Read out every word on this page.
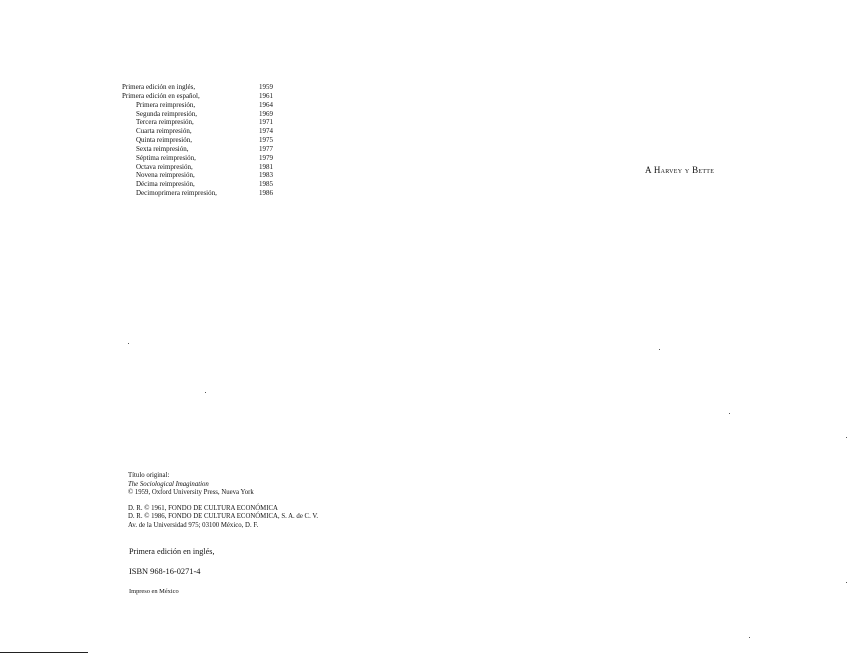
Primera edición en inglés,	1959
Primera edición en español,	1961
Primera reimpresión,	1964
Segunda reimpresión,	1969
Tercera reimpresión,	1971
Cuarta reimpresión,	1974
Quinta reimpresión,	1975
Sexta reimpresión,	1977
Séptima reimpresión,	1979
Octava reimpresión,	1981
Novena reimpresión,	1983
Décima reimpresión,	1985
Decimoprimera reimpresión,	1986
A Harvey y Bette
Título original:
The Sociological Imagination
© 1959, Oxford University Press, Nueva York
D. R. © 1961, FONDO DE CULTURA ECONÓMICA
D. R. © 1986, FONDO DE CULTURA ECONÓMICA, S. A. de C. V.
Av. de la Universidad 975; 03100 México, D. F.
Primera edición en inglés,
ISBN 968-16-0271-4
Impreso en México
